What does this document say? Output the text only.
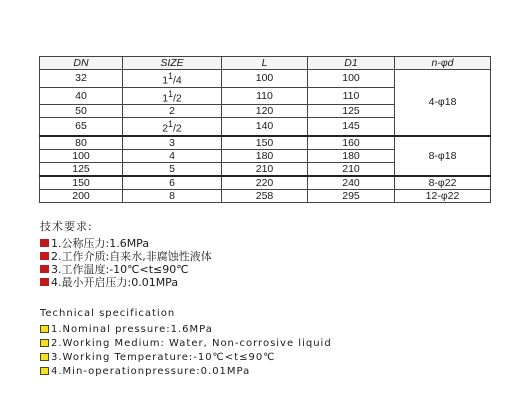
DN	SIZE	L	D1	n-φd
32	$1^1/4$	100	100	4-φ18
40	$1^1/2$	110	110	
50	2	120	125	
65	$2^1/2$	140	145	
80	3	150	160	8-φ18
100	4	180	180	
125	5	210	210	
150	6	220	240	8-φ22
200	8	258	295	12-φ22
技术要求:
1.公称压力:1.6MPa
2.工作介质:自来水,非腐蚀性液体
3.工作温度:-10℃<t≤90℃
4.最小开启压力:0.01MPa
Technical specification
1.Nominal pressure:1.6MPa
2.Working Medium: Water, Non-corrosive liquid
3.Working Temperature:-10℃<t≤90℃
4.Min-operationpressure:0.01MPa
